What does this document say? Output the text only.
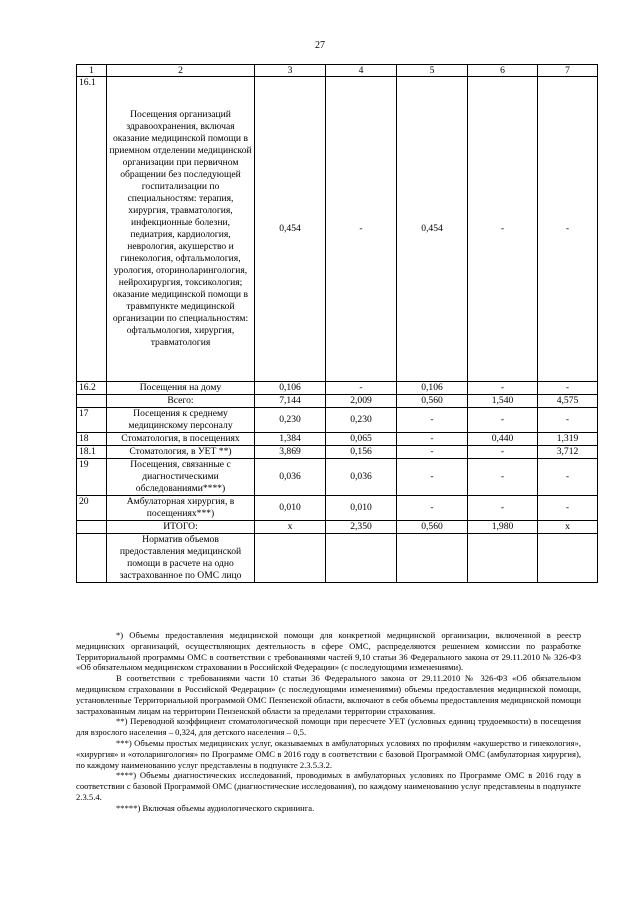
27
1	2	3	4	5	6	7
16.1	Посещения организаций здравоохранения, включая оказание медицинской помощи в приемном отделении медицинской организации при первичном обращении без последующей госпитализации по специальностям: терапия, хирургия, травматология, инфекционные болезни, педиатрия, кардиология, неврология, акушерство и гинекология, офтальмология, урология, оториноларингология, нейрохирургия, токсикология; оказание медицинской помощи в травмпункте медицинской организации по специальностям: офтальмология, хирургия, травматология	0,454	-	0,454	-	-
16.2	Посещения на дому	0,106	-	0,106	-	-
	Всего:	7,144	2,009	0,560	1,540	4,575
17	Посещения к среднему медицинскому персоналу	0,230	0,230	-	-	-
18	Стоматология, в посещениях	1,384	0,065	-	0,440	1,319
18.1	Стоматология, в УЕТ **)	3,869	0,156	-	-	3,712
19	Посещения, связанные с диагностическими обследованиями****)	0,036	0,036	-	-	-
20	Амбулаторная хирургия, в посещениях***)	0,010	0,010	-	-	-
	ИТОГО:	x	2,350	0,560	1,980	x
	Норматив объемов предоставления медицинской помощи в расчете на одно застрахованное по ОМС лицо					

*) Объемы предоставления медицинской помощи для конкретной медицинской организации, включенной в реестр медицинских организаций, осуществляющих деятельность в сфере ОМС, распределяются решением комиссии по разработке Территориальной программы ОМС в соответствии с требованиями частей 9,10 статьи 36 Федерального закона от 29.11.2010 № 326-ФЗ «Об обязательном медицинском страховании в Российской Федерации» (с последующими изменениями).

В соответствии с требованиями части 10 статьи 36 Федерального закона от 29.11.2010 № 326-ФЗ «Об обязательном медицинском страховании в Российской Федерации» (с последующими изменениями) объемы предоставления медицинской помощи, установленные Территориальной программой ОМС Пензенской области, включают в себя объемы предоставления медицинской помощи застрахованным лицам на территории Пензенской области за пределами территории страхования.

**) Переводной коэффициент стоматологической помощи при пересчете УЕТ (условных единиц трудоемкости) в посещения для взрослого населения – 0,324, для детского населения – 0,5.

***) Объемы простых медицинских услуг, оказываемых в амбулаторных условиях по профилям «акушерство и гинекология», «хирургия» и «отоларингология» по Программе ОМС в 2016 году в соответствии с базовой Программой ОМС (амбулаторная хирургия), по каждому наименованию услуг представлены в подпункте 2.3.5.3.2.

****) Объемы диагностических исследований, проводимых в амбулаторных условиях по Программе ОМС в 2016 году в соответствии с базовой Программой ОМС (диагностические исследования), по каждому наименованию услуг представлены в подпункте 2.3.5.4.

*****) Включая объемы аудиологического скрининга.
